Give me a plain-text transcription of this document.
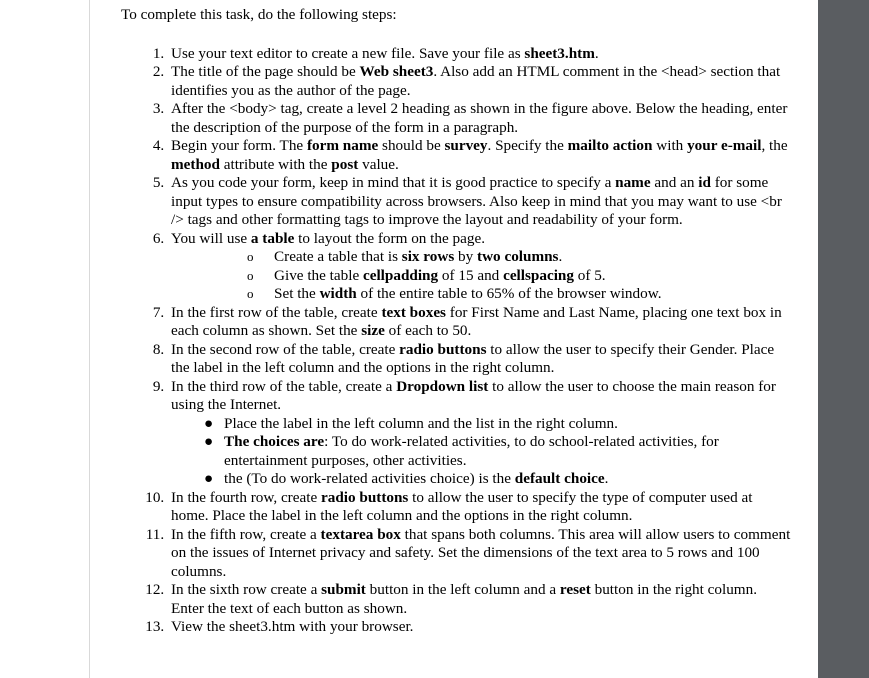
To complete this task, do the following steps:

1. Use your text editor to create a new file. Save your file as sheet3.htm.
2. The title of the page should be Web sheet3. Also add an HTML comment in the <head> section that identifies you as the author of the page.
3. After the <body> tag, create a level 2 heading as shown in the figure above. Below the heading, enter the description of the purpose of the form in a paragraph.
4. Begin your form. The form name should be survey. Specify the mailto action with your e-mail, the method attribute with the post value.
5. As you code your form, keep in mind that it is good practice to specify a name and an id for some input types to ensure compatibility across browsers. Also keep in mind that you may want to use <br /> tags and other formatting tags to improve the layout and readability of your form.
6. You will use a table to layout the form on the page.
o Create a table that is six rows by two columns.
o Give the table cellpadding of 15 and cellspacing of 5.
o Set the width of the entire table to 65% of the browser window.
7. In the first row of the table, create text boxes for First Name and Last Name, placing one text box in each column as shown. Set the size of each to 50.
8. In the second row of the table, create radio buttons to allow the user to specify their Gender. Place the label in the left column and the options in the right column.
9. In the third row of the table, create a Dropdown list to allow the user to choose the main reason for using the Internet.
● Place the label in the left column and the list in the right column.
● The choices are: To do work-related activities, to do school-related activities, for entertainment purposes, other activities.
● the (To do work-related activities choice) is the default choice.
10. In the fourth row, create radio buttons to allow the user to specify the type of computer used at home. Place the label in the left column and the options in the right column.
11. In the fifth row, create a textarea box that spans both columns. This area will allow users to comment on the issues of Internet privacy and safety. Set the dimensions of the text area to 5 rows and 100 columns.
12. In the sixth row create a submit button in the left column and a reset button in the right column. Enter the text of each button as shown.
13. View the sheet3.htm with your browser.
